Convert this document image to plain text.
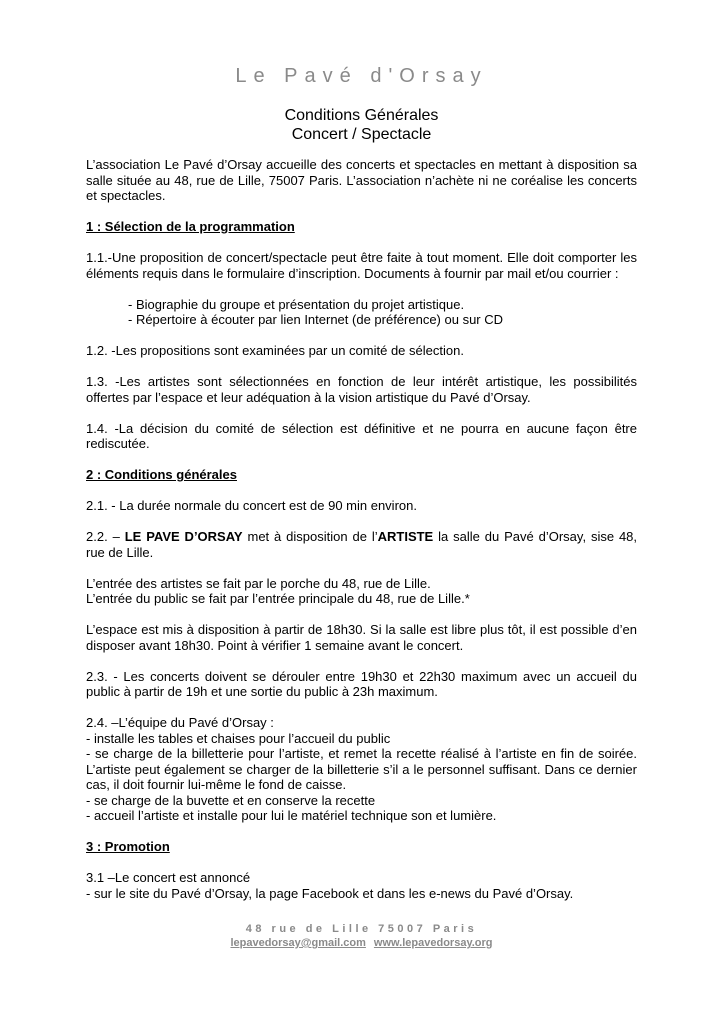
Le Pavé d'Orsay
Conditions Générales
Concert / Spectacle

L’association Le Pavé d’Orsay accueille des concerts et spectacles en mettant à disposition sa salle située au 48, rue de Lille, 75007 Paris. L’association n’achète ni ne coréalise les concerts et spectacles.

1 : Sélection de la programmation

1.1.-Une proposition de concert/spectacle peut être faite à tout moment. Elle doit comporter les éléments requis dans le formulaire d’inscription. Documents à fournir par mail et/ou courrier :

- Biographie du groupe et présentation du projet artistique.
- Répertoire à écouter par lien Internet (de préférence) ou sur CD

1.2. -Les propositions sont examinées par un comité de sélection.

1.3. -Les artistes sont sélectionnées en fonction de leur intérêt artistique, les possibilités offertes par l’espace et leur adéquation à la vision artistique du Pavé d’Orsay.

1.4. -La décision du comité de sélection est définitive et ne pourra en aucune façon être rediscutée.

2 : Conditions générales

2.1. - La durée normale du concert est de 90 min environ.

2.2. – LE PAVE D’ORSAY met à disposition de l’ARTISTE la salle du Pavé d’Orsay, sise 48, rue de Lille.

L’entrée des artistes se fait par le porche du 48, rue de Lille.

L’entrée du public se fait par l’entrée principale du 48, rue de Lille.*

L’espace est mis à disposition à partir de 18h30. Si la salle est libre plus tôt, il est possible d’en disposer avant 18h30. Point à vérifier 1 semaine avant le concert.

2.3. - Les concerts doivent se dérouler entre 19h30 et 22h30 maximum avec un accueil du public à partir de 19h et une sortie du public à 23h maximum.

2.4. –L’équipe du Pavé d’Orsay :

- installe les tables et chaises pour l’accueil du public

- se charge de la billetterie pour l’artiste, et remet la recette réalisé à l’artiste en fin de soirée. L’artiste peut également se charger de la billetterie s’il a le personnel suffisant. Dans ce dernier cas, il doit fournir lui-même le fond de caisse.

- se charge de la buvette et en conserve la recette

- accueil l’artiste et installe pour lui le matériel technique son et lumière.

3 : Promotion

3.1 –Le concert est annoncé

- sur le site du Pavé d’Orsay, la page Facebook et dans les e-news du Pavé d’Orsay.

48 rue de Lille 75007 Paris
lepavedorsay@gmail.com www.lepavedorsay.org
